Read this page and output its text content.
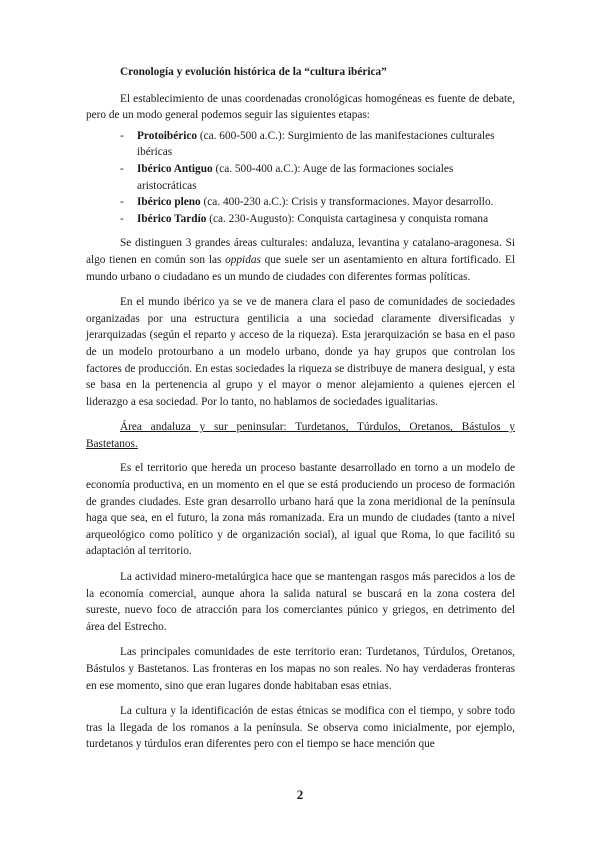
Cronología y evolución histórica de la “cultura ibérica”

El establecimiento de unas coordenadas cronológicas homogéneas es fuente de debate, pero de un modo general podemos seguir las siguientes etapas:

- Protoibérico (ca. 600-500 a.C.): Surgimiento de las manifestaciones culturales ibéricas
- Ibérico Antiguo (ca. 500-400 a.C.): Auge de las formaciones sociales aristocráticas
- Ibérico pleno (ca. 400-230 a.C.): Crisis y transformaciones. Mayor desarrollo.
- Ibérico Tardío (ca. 230-Augusto): Conquista cartaginesa y conquista romana

Se distinguen 3 grandes áreas culturales: andaluza, levantina y catalano-aragonesa. Si algo tienen en común son las oppidas que suele ser un asentamiento en altura fortificado. El mundo urbano o ciudadano es un mundo de ciudades con diferentes formas políticas.

En el mundo ibérico ya se ve de manera clara el paso de comunidades de sociedades organizadas por una estructura gentilicia a una sociedad claramente diversificadas y jerarquizadas (según el reparto y acceso de la riqueza). Esta jerarquización se basa en el paso de un modelo protourbano a un modelo urbano, donde ya hay grupos que controlan los factores de producción. En estas sociedades la riqueza se distribuye de manera desigual, y esta se basa en la pertenencia al grupo y el mayor o menor alejamiento a quienes ejercen el liderazgo a esa sociedad. Por lo tanto, no hablamos de sociedades igualitarias.

Área andaluza y sur peninsular: Turdetanos, Túrdulos, Oretanos, Bástulos y Bastetanos.

Es el territorio que hereda un proceso bastante desarrollado en torno a un modelo de economía productiva, en un momento en el que se está produciendo un proceso de formación de grandes ciudades. Este gran desarrollo urbano hará que la zona meridional de la península haga que sea, en el futuro, la zona más romanizada. Era un mundo de ciudades (tanto a nivel arqueológico como político y de organización social), al igual que Roma, lo que facilitó su adaptación al territorio.

La actividad minero-metalúrgica hace que se mantengan rasgos más parecidos a los de la economía comercial, aunque ahora la salida natural se buscará en la zona costera del sureste, nuevo foco de atracción para los comerciantes púnico y griegos, en detrimento del área del Estrecho.

Las principales comunidades de este territorio eran: Turdetanos, Túrdulos, Oretanos, Bástulos y Bastetanos. Las fronteras en los mapas no son reales. No hay verdaderas fronteras en ese momento, sino que eran lugares donde habitaban esas etnias.

La cultura y la identificación de estas étnicas se modifica con el tiempo, y sobre todo tras la llegada de los romanos a la península. Se observa como inicialmente, por ejemplo, turdetanos y túrdulos eran diferentes pero con el tiempo se hace mención que

2
